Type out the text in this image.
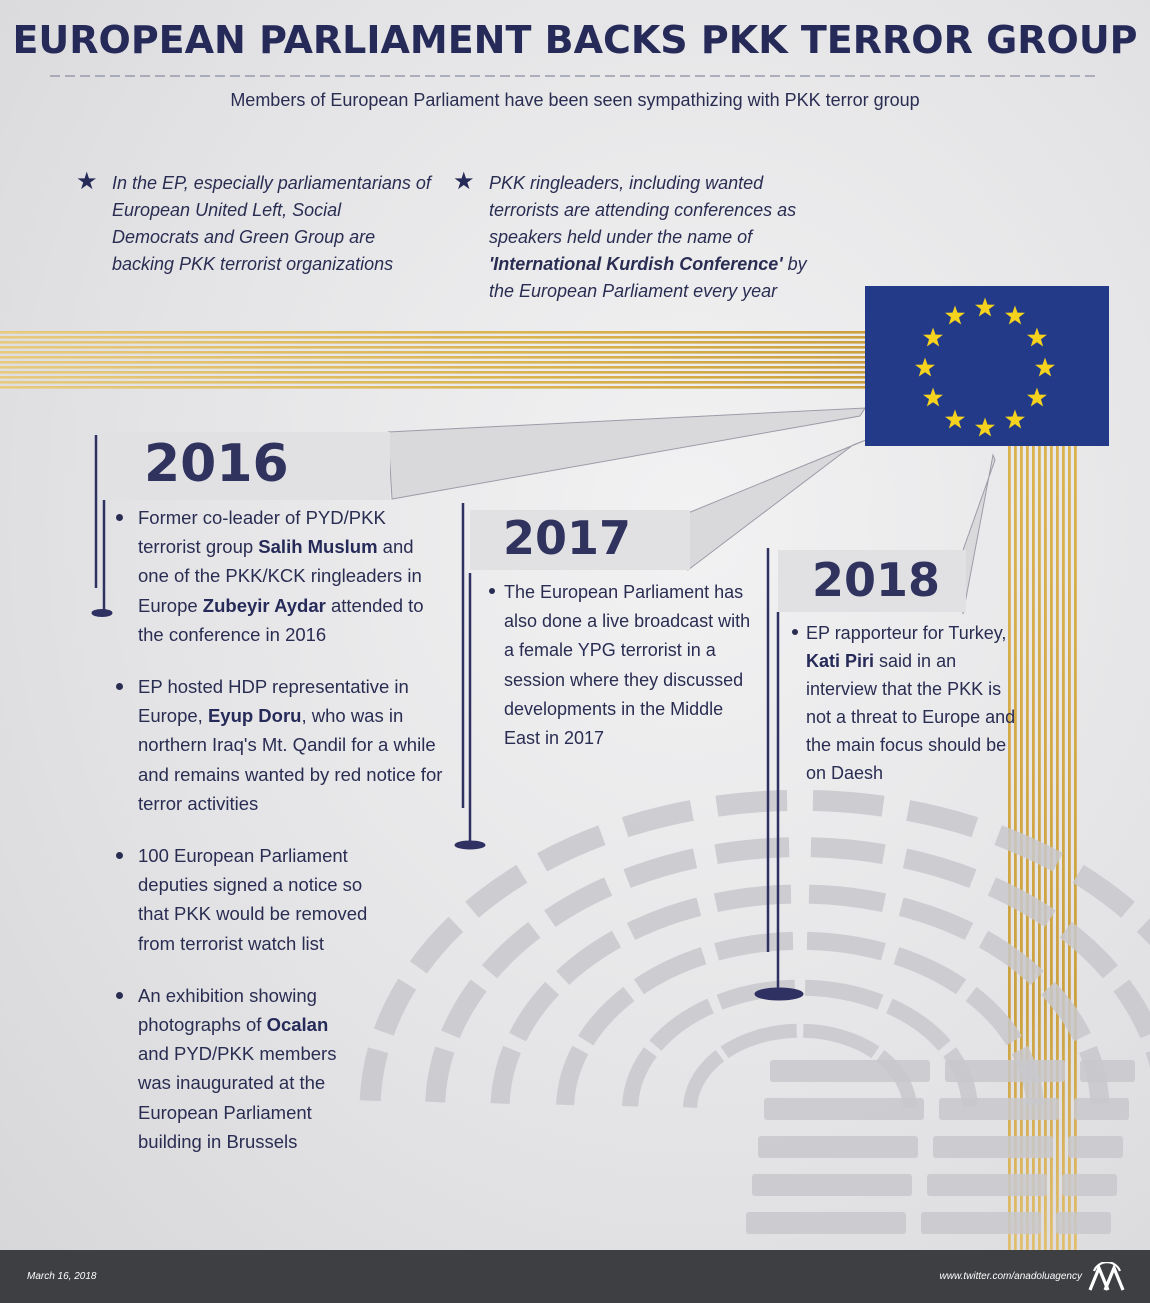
EUROPEAN PARLIAMENT BACKS PKK TERROR GROUP
Members of European Parliament have been seen sympathizing with PKK terror group
★ In the EP, especially parliamentarians of European United Left, Social Democrats and Green Group are backing PKK terrorist organizations
★ PKK ringleaders, including wanted terrorists are attending conferences as speakers held under the name of 'International Kurdish Conference' by the European Parliament every year
2016
Former co-leader of PYD/PKK terrorist group Salih Muslum and one of the PKK/KCK ringleaders in Europe Zubeyir Aydar attended to the conference in 2016
EP hosted HDP representative in Europe, Eyup Doru, who was in northern Iraq's Mt. Qandil for a while and remains wanted by red notice for terror activities
100 European Parliament deputies signed a notice so that PKK would be removed from terrorist watch list
An exhibition showing photographs of Ocalan and PYD/PKK members was inaugurated at the European Parliament building in Brussels
2017
The European Parliament has also done a live broadcast with a female YPG terrorist in a session where they discussed developments in the Middle East in 2017
2018
EP rapporteur for Turkey, Kati Piri said in an interview that the PKK is not a threat to Europe and the main focus should be on Daesh
March 16, 2018	www.twitter.com/anadoluagency
